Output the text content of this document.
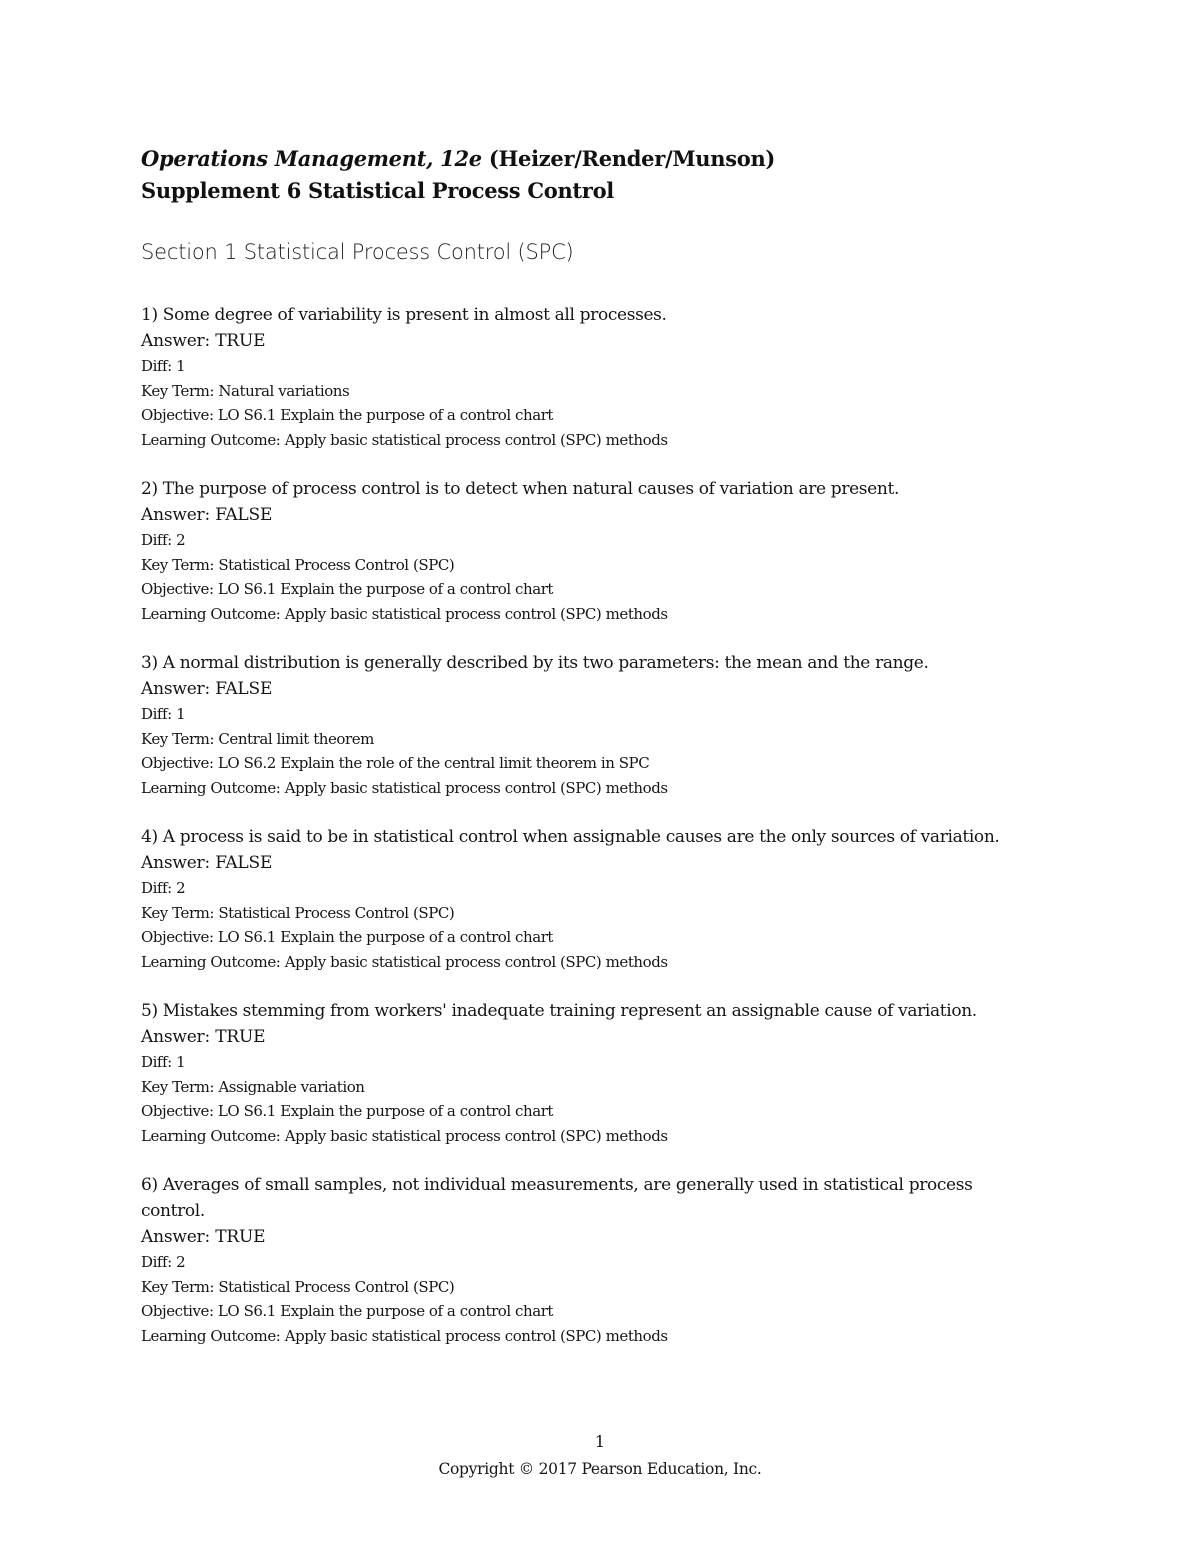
Operations Management, 12e (Heizer/Render/Munson)
Supplement 6 Statistical Process Control
Section 1 Statistical Process Control (SPC)
1) Some degree of variability is present in almost all processes.
Answer: TRUE
Diff: 1
Key Term: Natural variations
Objective: LO S6.1 Explain the purpose of a control chart
Learning Outcome: Apply basic statistical process control (SPC) methods
2) The purpose of process control is to detect when natural causes of variation are present.
Answer: FALSE
Diff: 2
Key Term: Statistical Process Control (SPC)
Objective: LO S6.1 Explain the purpose of a control chart
Learning Outcome: Apply basic statistical process control (SPC) methods
3) A normal distribution is generally described by its two parameters: the mean and the range.
Answer: FALSE
Diff: 1
Key Term: Central limit theorem
Objective: LO S6.2 Explain the role of the central limit theorem in SPC
Learning Outcome: Apply basic statistical process control (SPC) methods
4) A process is said to be in statistical control when assignable causes are the only sources of variation.
Answer: FALSE
Diff: 2
Key Term: Statistical Process Control (SPC)
Objective: LO S6.1 Explain the purpose of a control chart
Learning Outcome: Apply basic statistical process control (SPC) methods
5) Mistakes stemming from workers' inadequate training represent an assignable cause of variation.
Answer: TRUE
Diff: 1
Key Term: Assignable variation
Objective: LO S6.1 Explain the purpose of a control chart
Learning Outcome: Apply basic statistical process control (SPC) methods
6) Averages of small samples, not individual measurements, are generally used in statistical process control.
Answer: TRUE
Diff: 2
Key Term: Statistical Process Control (SPC)
Objective: LO S6.1 Explain the purpose of a control chart
Learning Outcome: Apply basic statistical process control (SPC) methods
1
Copyright © 2017 Pearson Education, Inc.
